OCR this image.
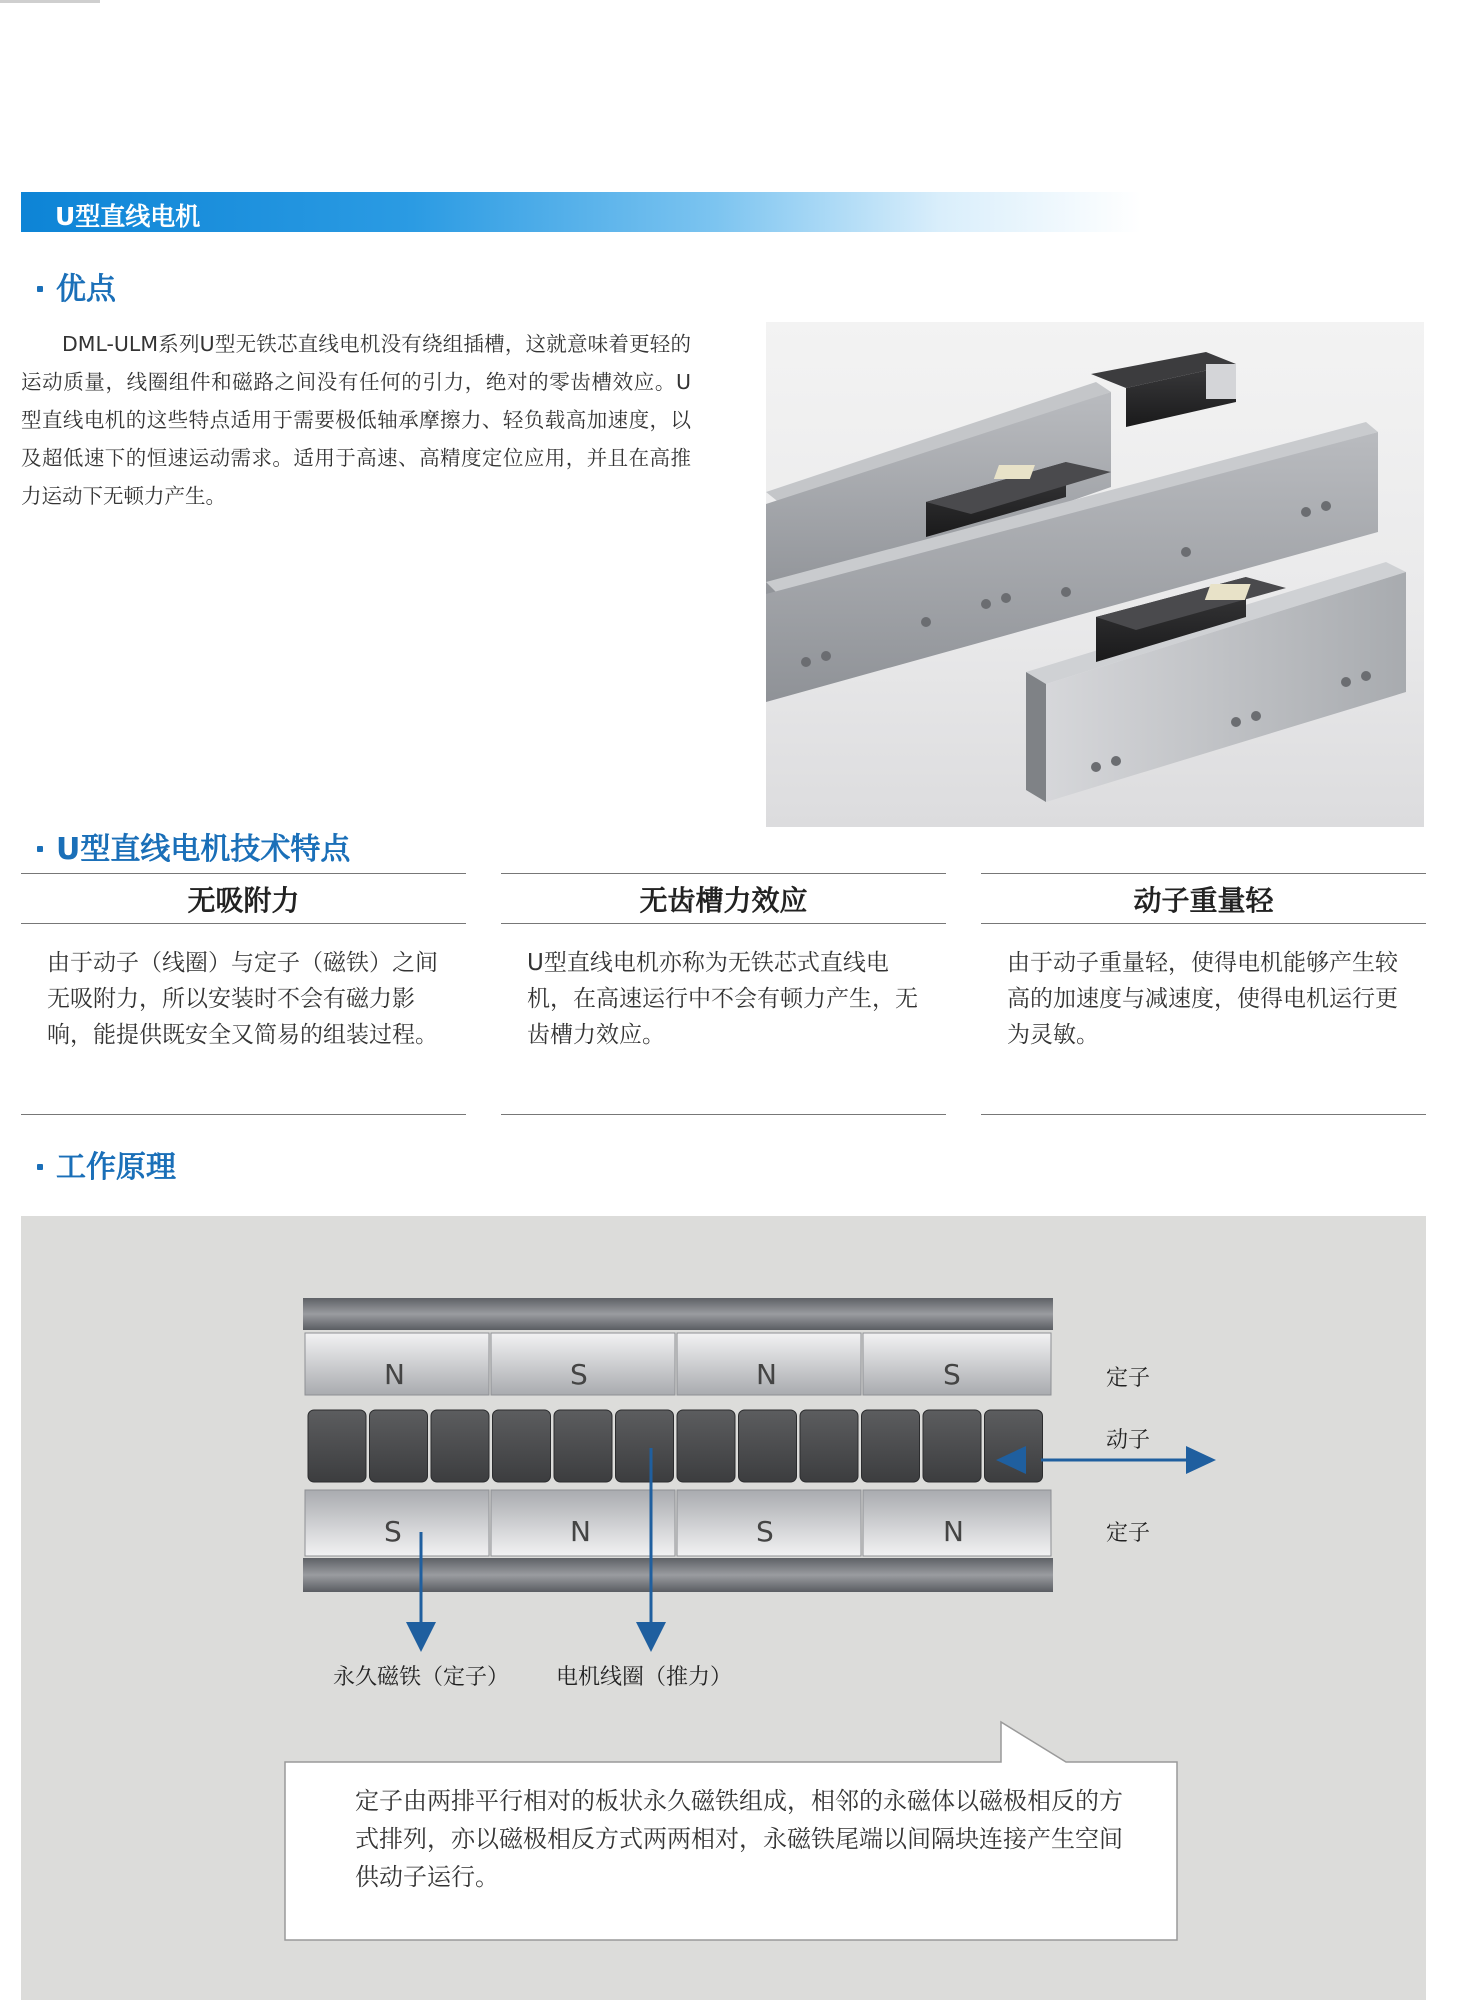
U型直线电机
优点
DML-ULM系列U型无铁芯直线电机没有绕组插槽，这就意味着更轻的运动质量，线圈组件和磁路之间没有任何的引力，绝对的零齿槽效应。U型直线电机的这些特点适用于需要极低轴承摩擦力、轻负载高加速度，以及超低速下的恒速运动需求。适用于高速、高精度定位应用，并且在高推力运动下无顿力产生。
U型直线电机技术特点
无吸附力
由于动子（线圈）与定子（磁铁）之间无吸附力，所以安装时不会有磁力影响，能提供既安全又简易的组装过程。
无齿槽力效应
U型直线电机亦称为无铁芯式直线电机，在高速运行中不会有顿力产生，无齿槽力效应。
动子重量轻
由于动子重量轻，使得电机能够产生较高的加速度与减速度，使得电机运行更为灵敏。
工作原理
N	S	N	S
S	N	S	N
定子
动子
定子
永久磁铁（定子） 电机线圈（推力）
定子由两排平行相对的板状永久磁铁组成，相邻的永磁体以磁极相反的方式排列，亦以磁极相反方式两两相对，永磁铁尾端以间隔块连接产生空间供动子运行。
